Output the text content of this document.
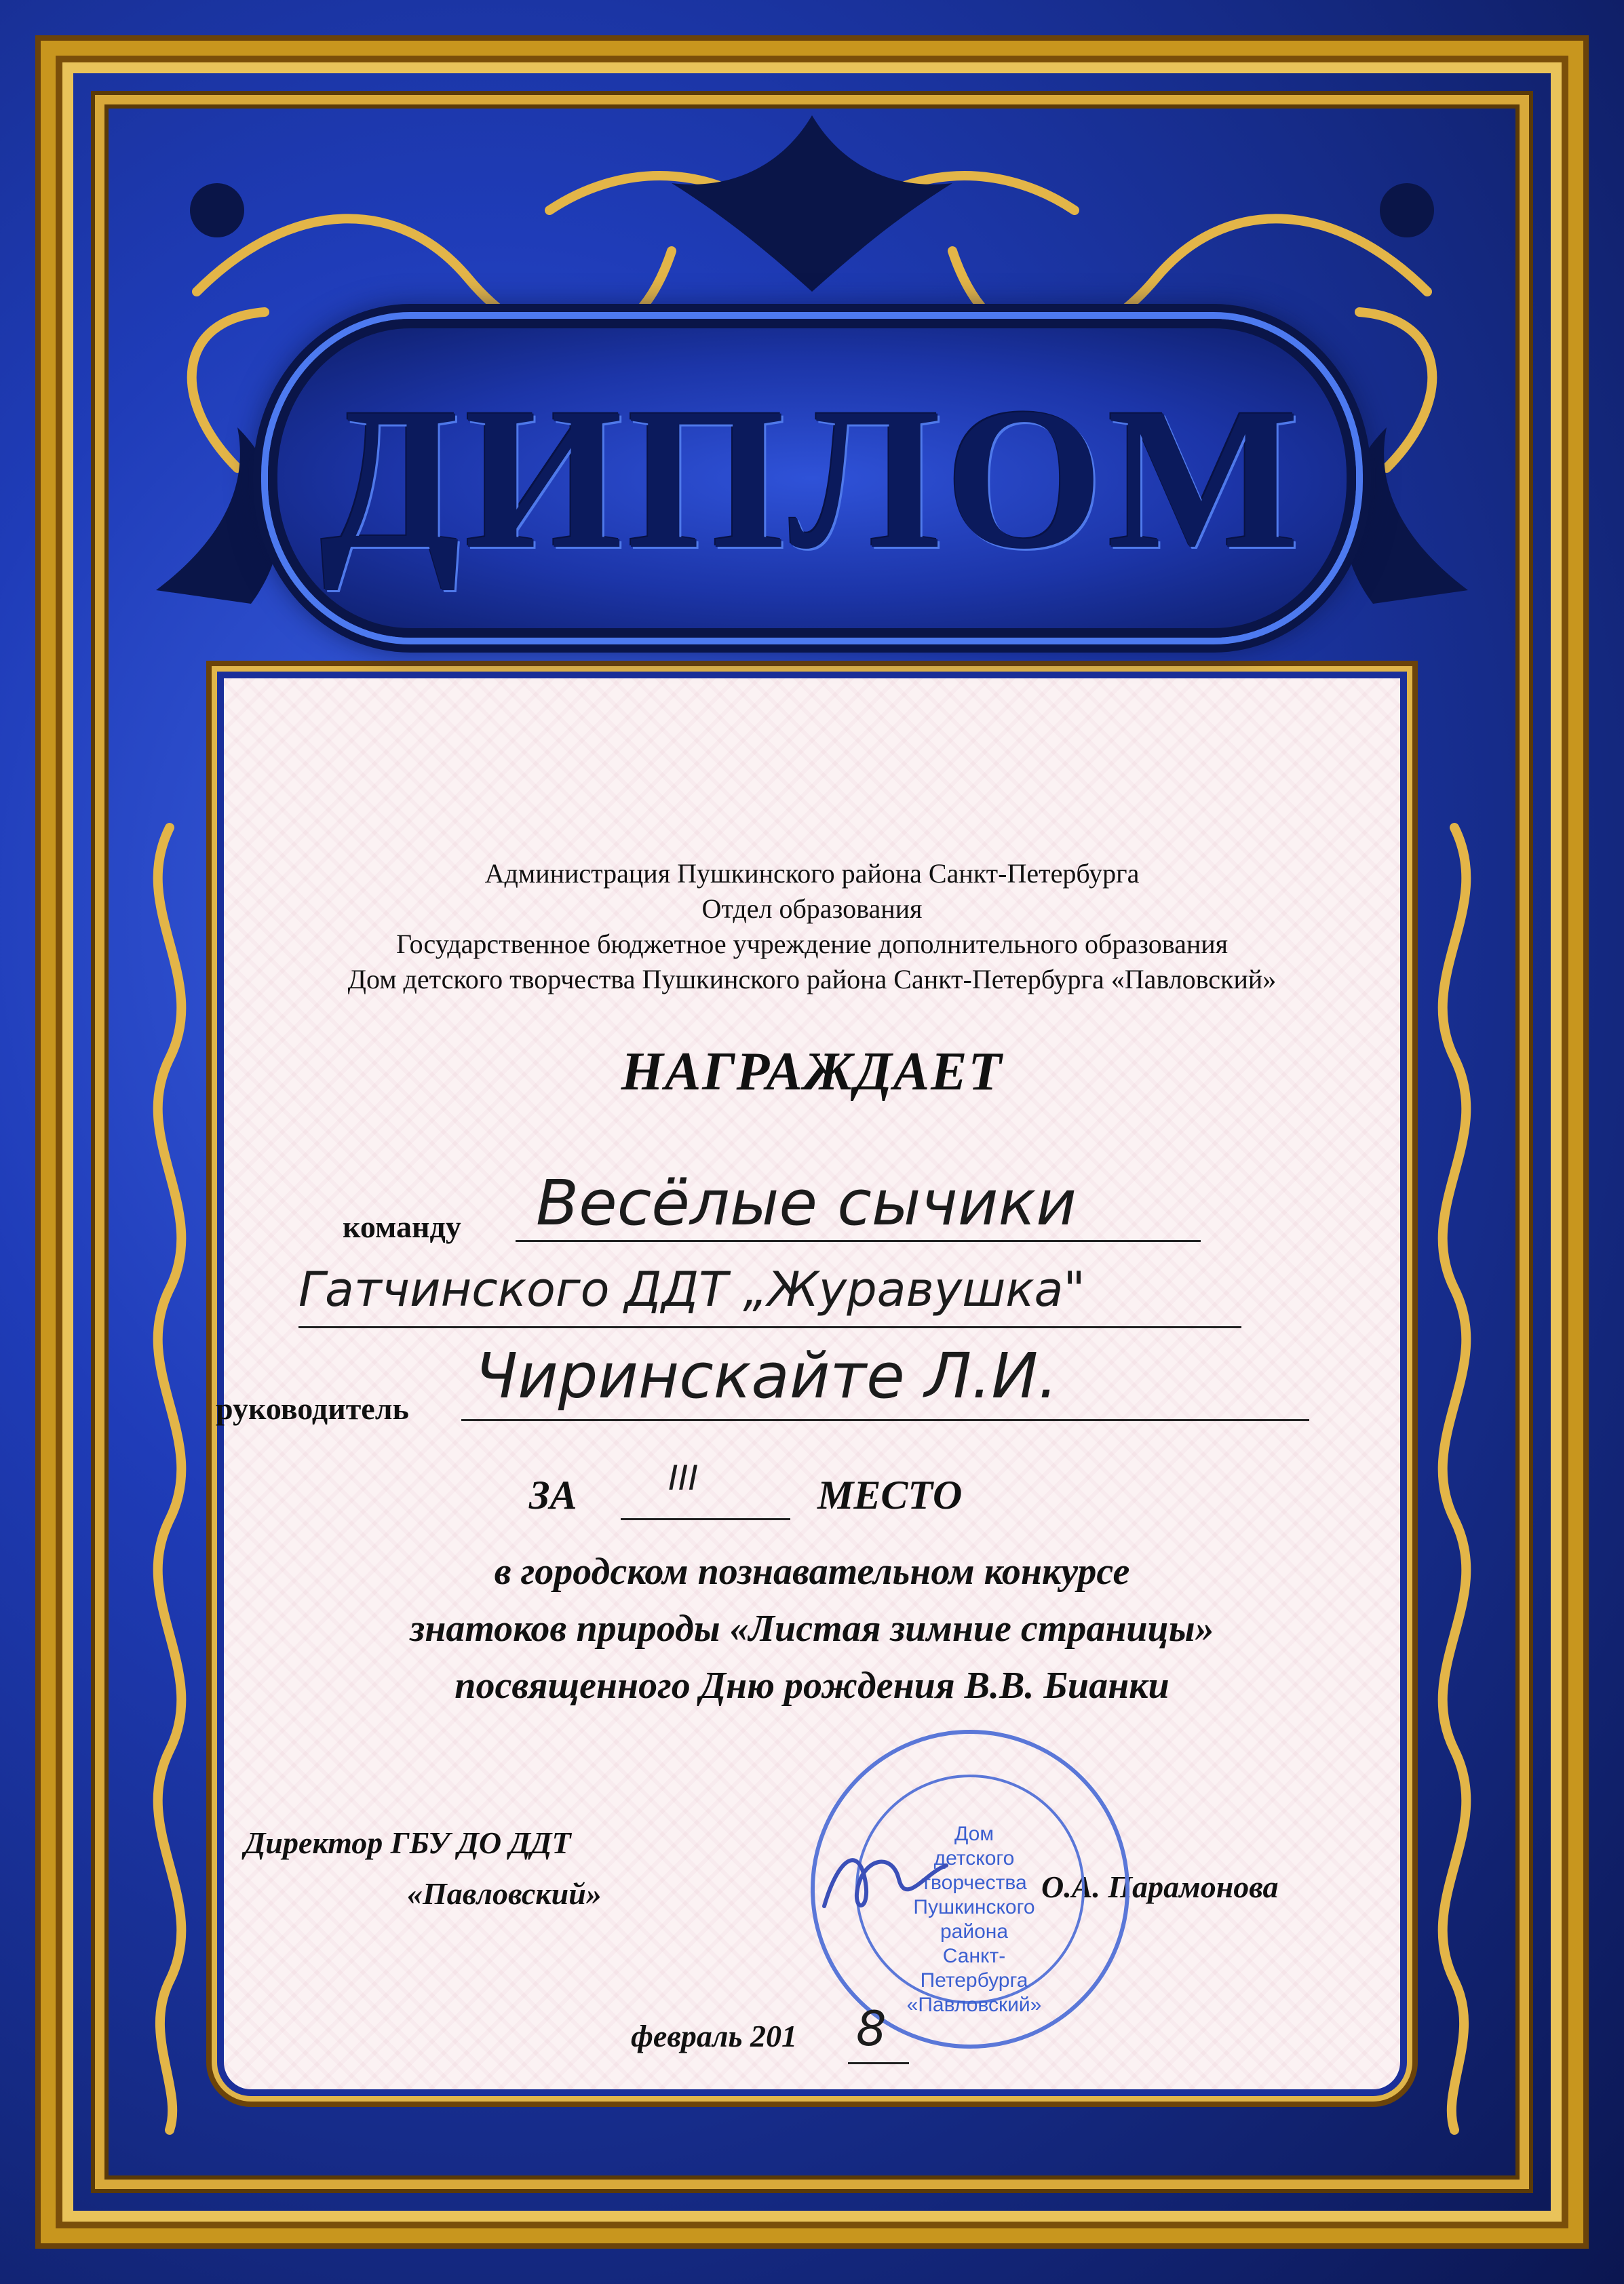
ДИПЛОМ
Администрация Пушкинского района Санкт-Петербурга
Отдел образования
Государственное бюджетное учреждение дополнительного образования
Дом детского творчества Пушкинского района Санкт-Петербурга «Павловский»
НАГРАЖДАЕТ
команду Весёлые сычики
Гатчинского ДДТ „Журавушка"
руководитель Чиринскайте Л.И.
ЗА	III	МЕСТО
в городском познавательном конкурсе
знатоков природы «Листая зимние страницы»
посвященного Дню рождения В.В. Бианки
Директор ГБУ ДО ДДТ
«Павловский»	О.А. Парамонова
Дом
детского
творчества
Пушкинского района
Санкт-Петербурга
«Павловский»
февраль 201 8
